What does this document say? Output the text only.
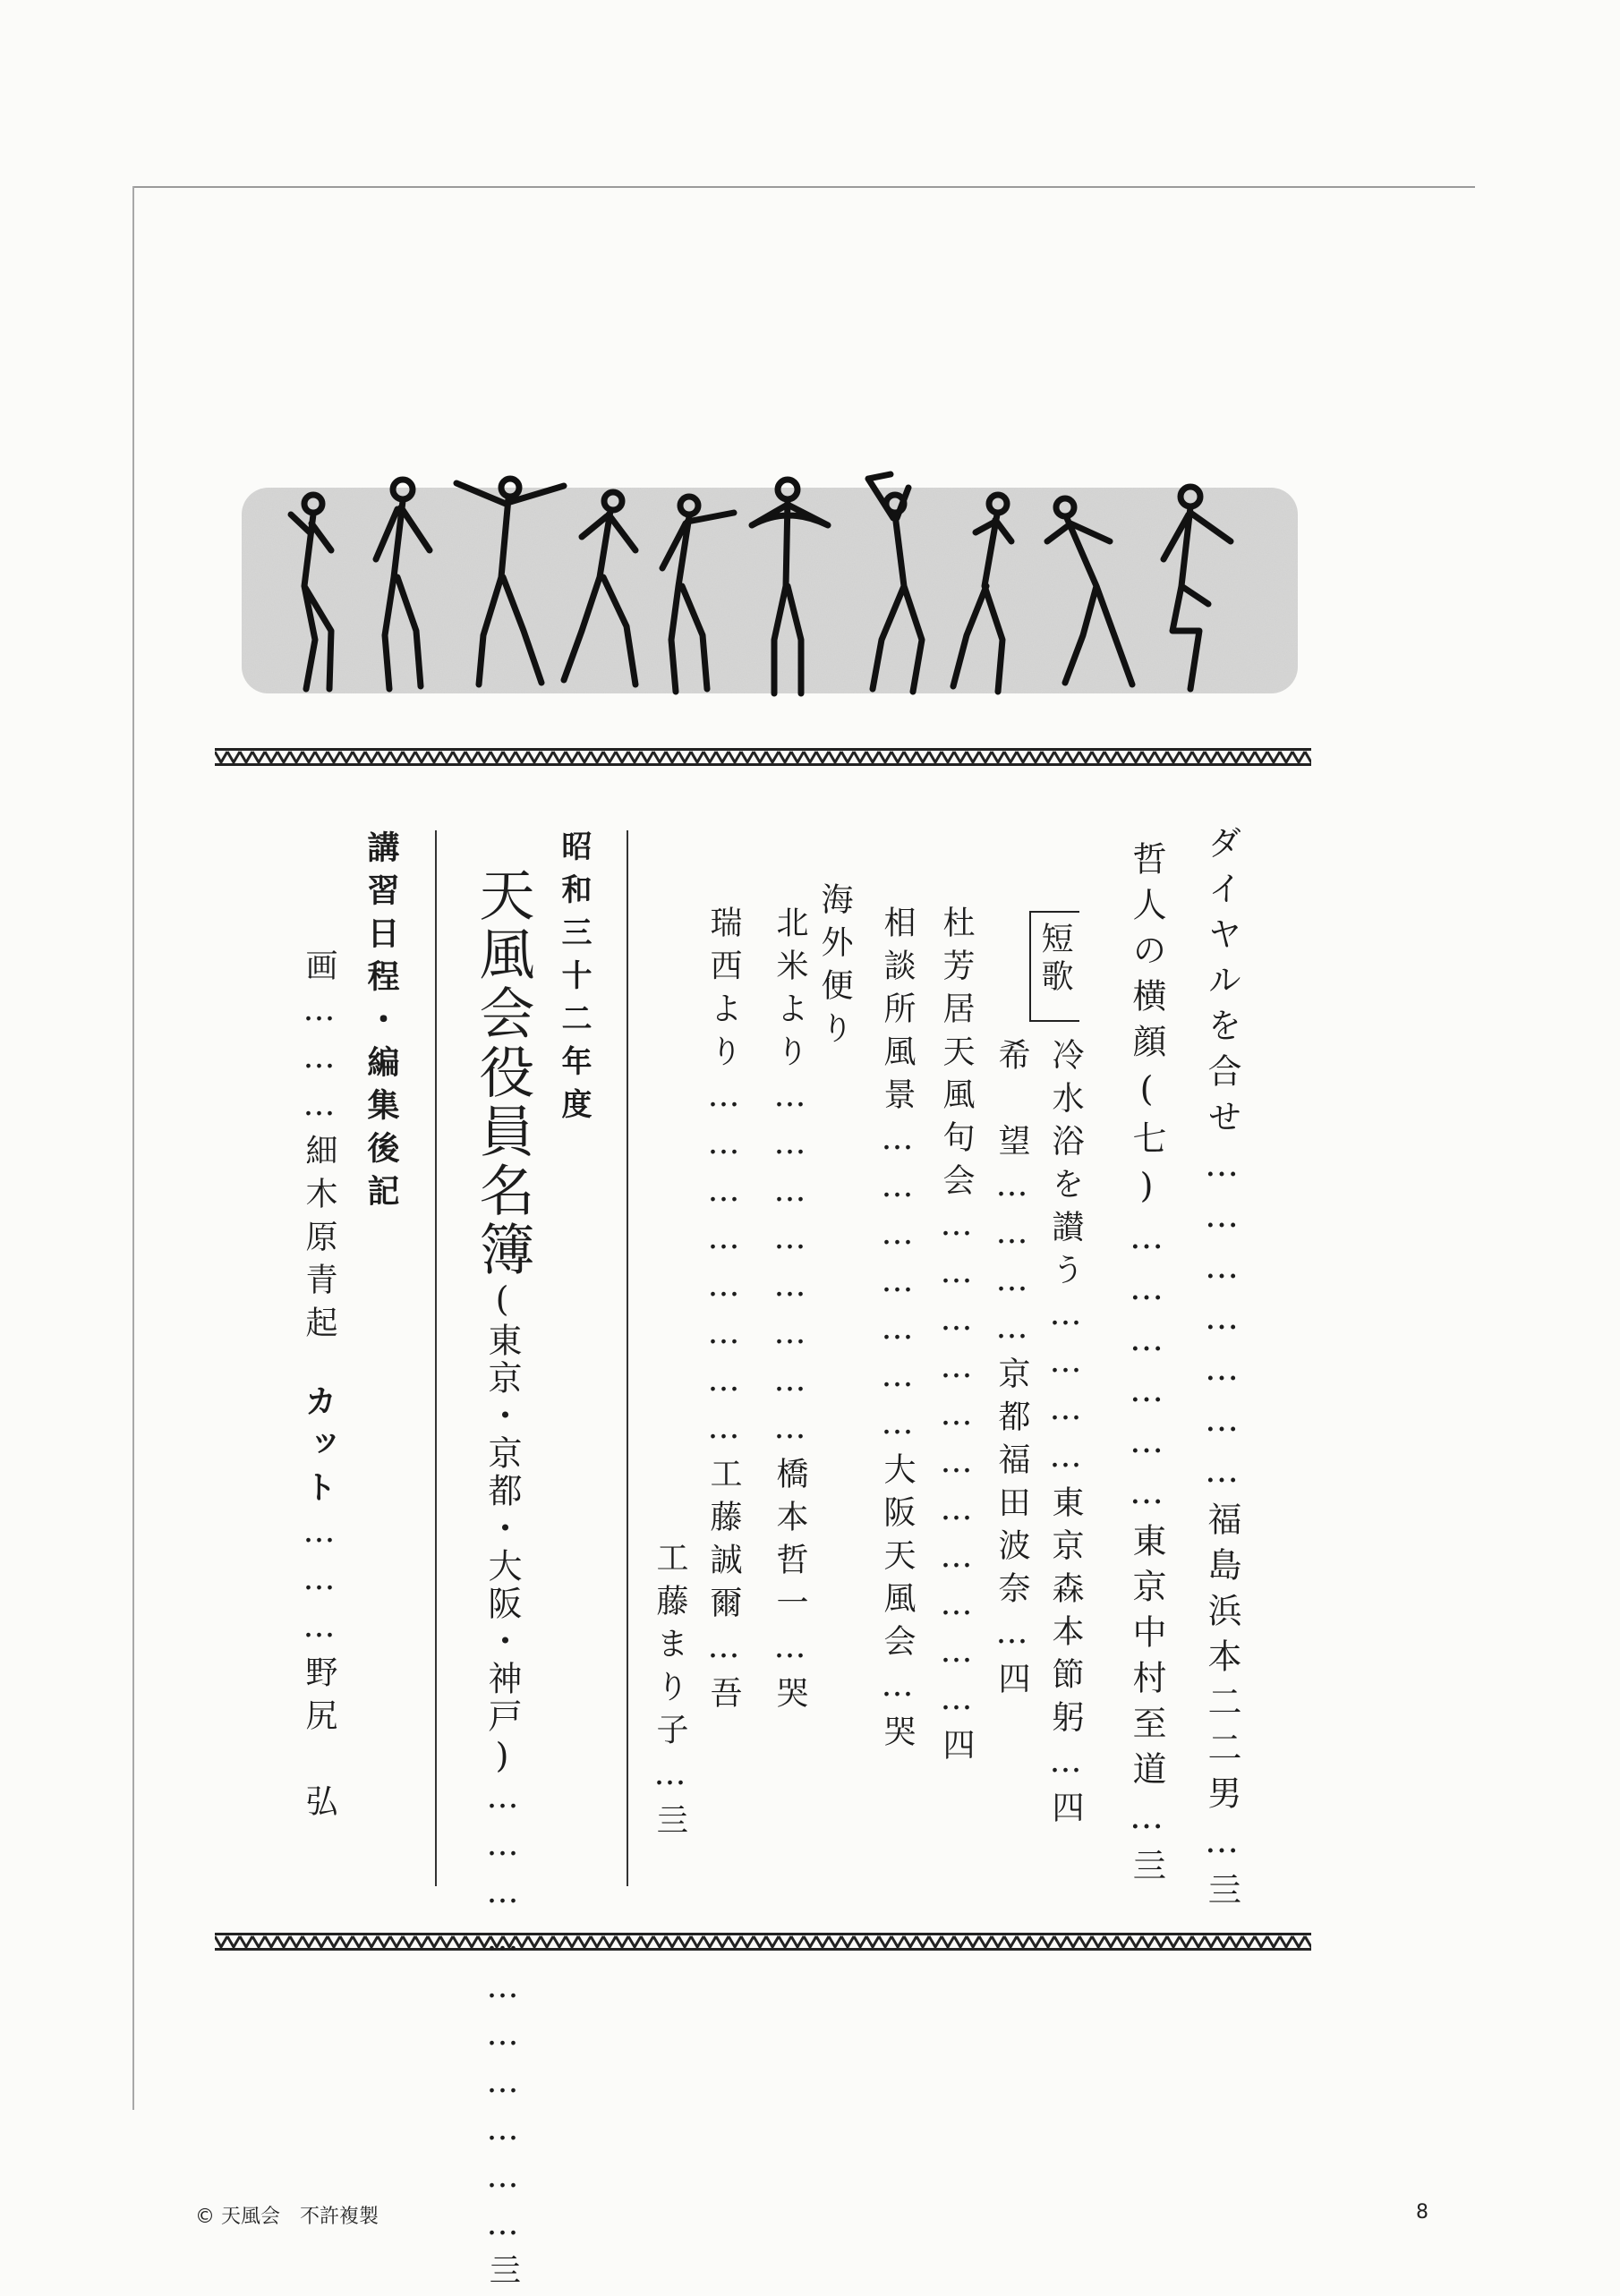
ダイヤルを合せ…………………福島浜本二二男…亖
哲人の横顔(七)………………東京中村至道…亖
短歌
冷水浴を讃う…………東京森本節躬…四
希　望…………京都福田波奈…四
杜芳居天風句会……………………………四
相談所風景…………………大阪天風会…哭
海外便り
北米より……………………橋本哲一…哭
瑞西より……………………工藤誠爾…吾
工藤まり子…亖
昭和三十二年度
天風会役員名簿(東京・京都・大阪・神戸)…………………………亖
講習日程・編集後記
画………細木原青起カット………野尻　弘
© 天風会　不許複製	8
